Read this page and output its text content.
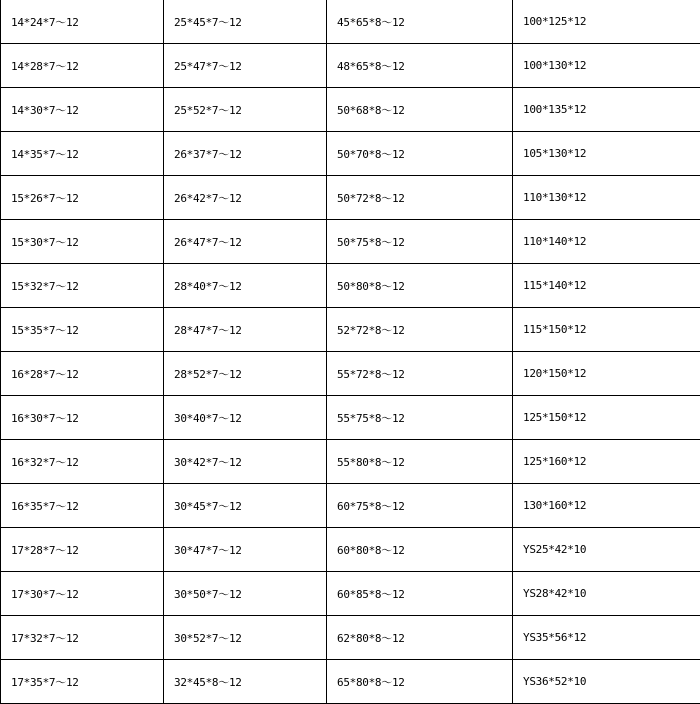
14*24*7～12	25*45*7～12	45*65*8～12	100*125*12
14*28*7～12	25*47*7～12	48*65*8～12	100*130*12
14*30*7～12	25*52*7～12	50*68*8～12	100*135*12
14*35*7～12	26*37*7～12	50*70*8～12	105*130*12
15*26*7～12	26*42*7～12	50*72*8～12	110*130*12
15*30*7～12	26*47*7～12	50*75*8～12	110*140*12
15*32*7～12	28*40*7～12	50*80*8～12	115*140*12
15*35*7～12	28*47*7～12	52*72*8～12	115*150*12
16*28*7～12	28*52*7～12	55*72*8～12	120*150*12
16*30*7～12	30*40*7～12	55*75*8～12	125*150*12
16*32*7～12	30*42*7～12	55*80*8～12	125*160*12
16*35*7～12	30*45*7～12	60*75*8～12	130*160*12
17*28*7～12	30*47*7～12	60*80*8～12	YS25*42*10
17*30*7～12	30*50*7～12	60*85*8～12	YS28*42*10
17*32*7～12	30*52*7～12	62*80*8～12	YS35*56*12
17*35*7～12	32*45*8～12	65*80*8～12	YS36*52*10
